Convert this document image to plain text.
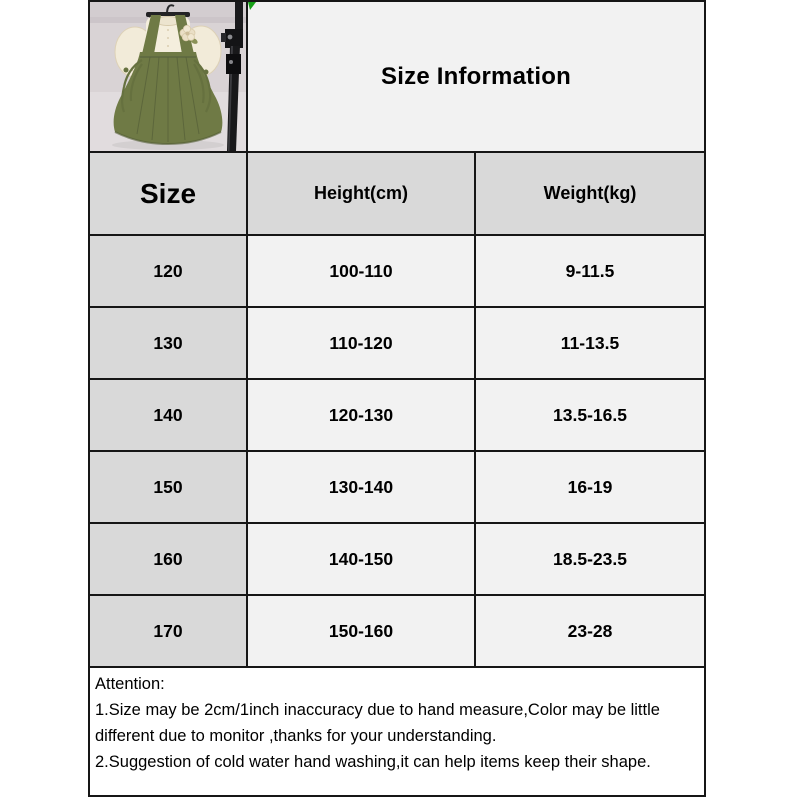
Size Information
Size	Height(cm)	Weight(kg)
120	100-110	9-11.5
130	110-120	11-13.5
140	120-130	13.5-16.5
150	130-140	16-19
160	140-150	18.5-23.5
170	150-160	23-28
Attention:
1.Size may be 2cm/1inch inaccuracy due to hand measure,Color may be little
different due to monitor ,thanks for your understanding.
2.Suggestion of cold water hand washing,it can help items keep their shape.
